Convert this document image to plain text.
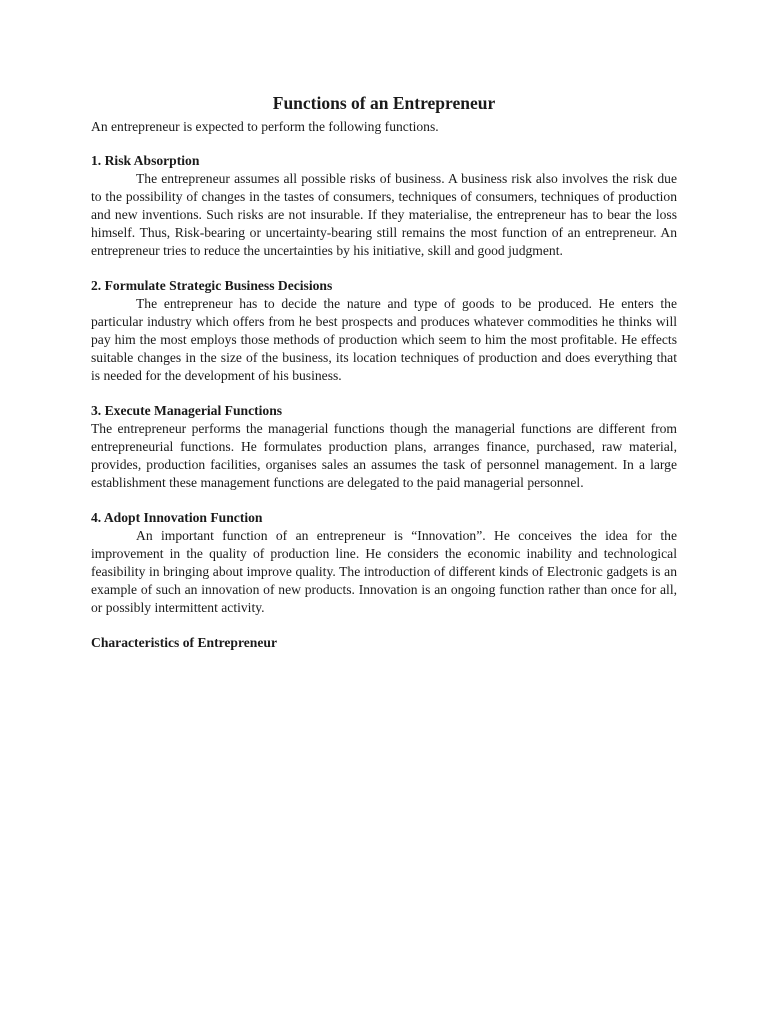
Functions of an Entrepreneur

An entrepreneur is expected to perform the following functions.

1. Risk Absorption

The entrepreneur assumes all possible risks of business. A business risk also involves the risk due to the possibility of changes in the tastes of consumers, techniques of consumers, techniques of production and new inventions. Such risks are not insurable. If they materialise, the entrepreneur has to bear the loss himself. Thus, Risk-bearing or uncertainty-bearing still remains the most function of an entrepreneur. An entrepreneur tries to reduce the uncertainties by his initiative, skill and good judgment.

2. Formulate Strategic Business Decisions

The entrepreneur has to decide the nature and type of goods to be produced. He enters the particular industry which offers from he best prospects and produces whatever commodities he thinks will pay him the most employs those methods of production which seem to him the most profitable. He effects suitable changes in the size of the business, its location techniques of production and does everything that is needed for the development of his business.

3. Execute Managerial Functions

The entrepreneur performs the managerial functions though the managerial functions are different from entrepreneurial functions. He formulates production plans, arranges finance, purchased, raw material, provides, production facilities, organises sales an assumes the task of personnel management. In a large establishment these management functions are delegated to the paid managerial personnel.

4. Adopt Innovation Function

An important function of an entrepreneur is “Innovation”. He conceives the idea for the improvement in the quality of production line. He considers the economic inability and technological feasibility in bringing about improve quality. The introduction of different kinds of Electronic gadgets is an example of such an innovation of new products. Innovation is an ongoing function rather than once for all, or possibly intermittent activity.

Characteristics of Entrepreneur
